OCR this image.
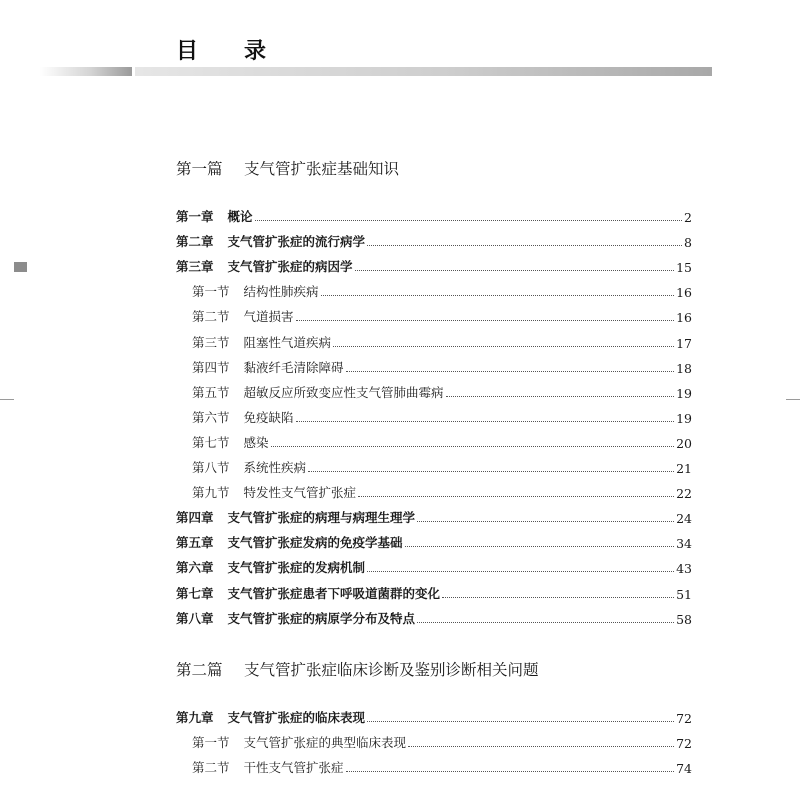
目　录
第一篇 支气管扩张症基础知识
第一章 概论	2
第二章 支气管扩张症的流行病学	8
第三章 支气管扩张症的病因学	15
第一节 结构性肺疾病	16
第二节 气道损害	16
第三节 阻塞性气道疾病	17
第四节 黏液纤毛清除障碍	18
第五节 超敏反应所致变应性支气管肺曲霉病	19
第六节 免疫缺陷	19
第七节 感染	20
第八节 系统性疾病	21
第九节 特发性支气管扩张症	22
第四章 支气管扩张症的病理与病理生理学	24
第五章 支气管扩张症发病的免疫学基础	34
第六章 支气管扩张症的发病机制	43
第七章 支气管扩张症患者下呼吸道菌群的变化	51
第八章 支气管扩张症的病原学分布及特点	58
第二篇 支气管扩张症临床诊断及鉴别诊断相关问题
第九章 支气管扩张症的临床表现	72
第一节 支气管扩张症的典型临床表现	72
第二节 干性支气管扩张症	74
